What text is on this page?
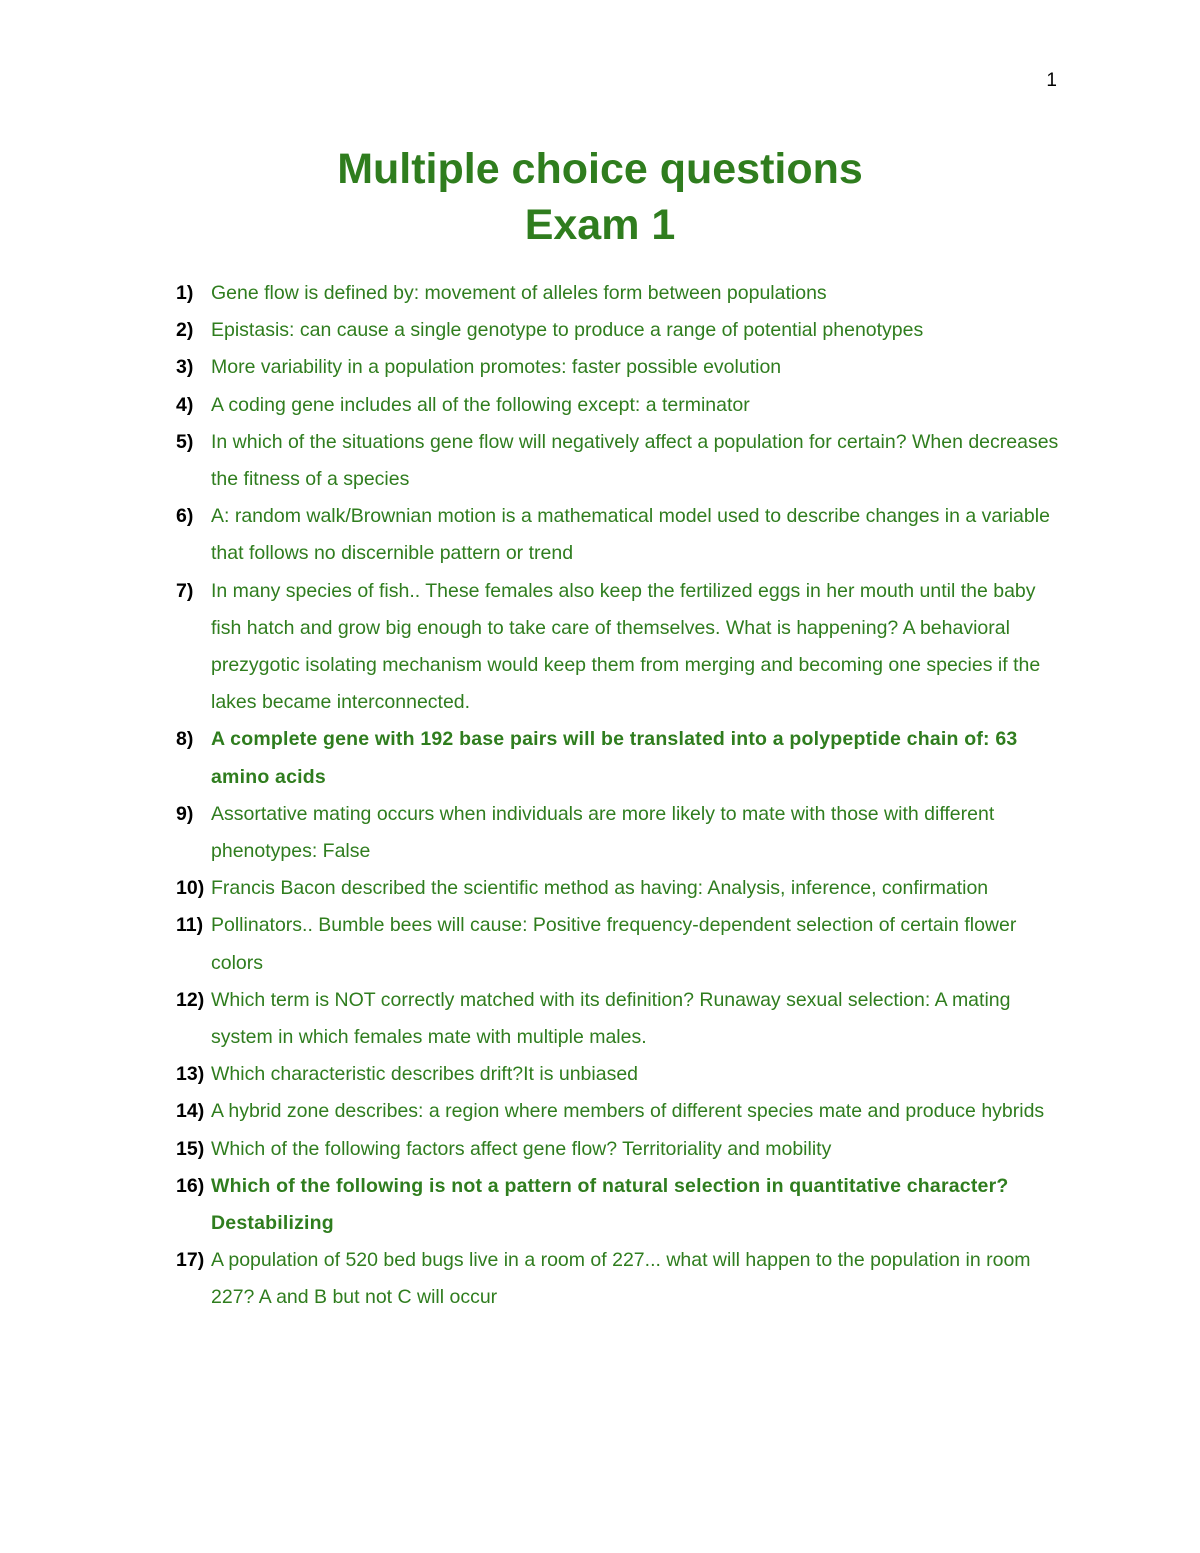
1
Multiple choice questions
Exam 1
1) Gene flow is defined by: movement of alleles form between populations
2) Epistasis: can cause a single genotype to produce a range of potential phenotypes
3) More variability in a population promotes: faster possible evolution
4) A coding gene includes all of the following except: a terminator
5) In which of the situations gene flow will negatively affect a population for certain? When decreases the fitness of a species
6) A: random walk/Brownian motion is a mathematical model used to describe changes in a variable that follows no discernible pattern or trend
7) In many species of fish.. These females also keep the fertilized eggs in her mouth until the baby fish hatch and grow big enough to take care of themselves. What is happening? A behavioral prezygotic isolating mechanism would keep them from merging and becoming one species if the lakes became interconnected.
8) A complete gene with 192 base pairs will be translated into a polypeptide chain of: 63 amino acids
9) Assortative mating occurs when individuals are more likely to mate with those with different phenotypes: False
10) Francis Bacon described the scientific method as having: Analysis, inference, confirmation
11) Pollinators.. Bumble bees will cause: Positive frequency-dependent selection of certain flower colors
12) Which term is NOT correctly matched with its definition? Runaway sexual selection: A mating system in which females mate with multiple males.
13) Which characteristic describes drift?It is unbiased
14) A hybrid zone describes: a region where members of different species mate and produce hybrids
15) Which of the following factors affect gene flow? Territoriality and mobility
16) Which of the following is not a pattern of natural selection in quantitative character? Destabilizing
17) A population of 520 bed bugs live in a room of 227... what will happen to the population in room 227? A and B but not C will occur
